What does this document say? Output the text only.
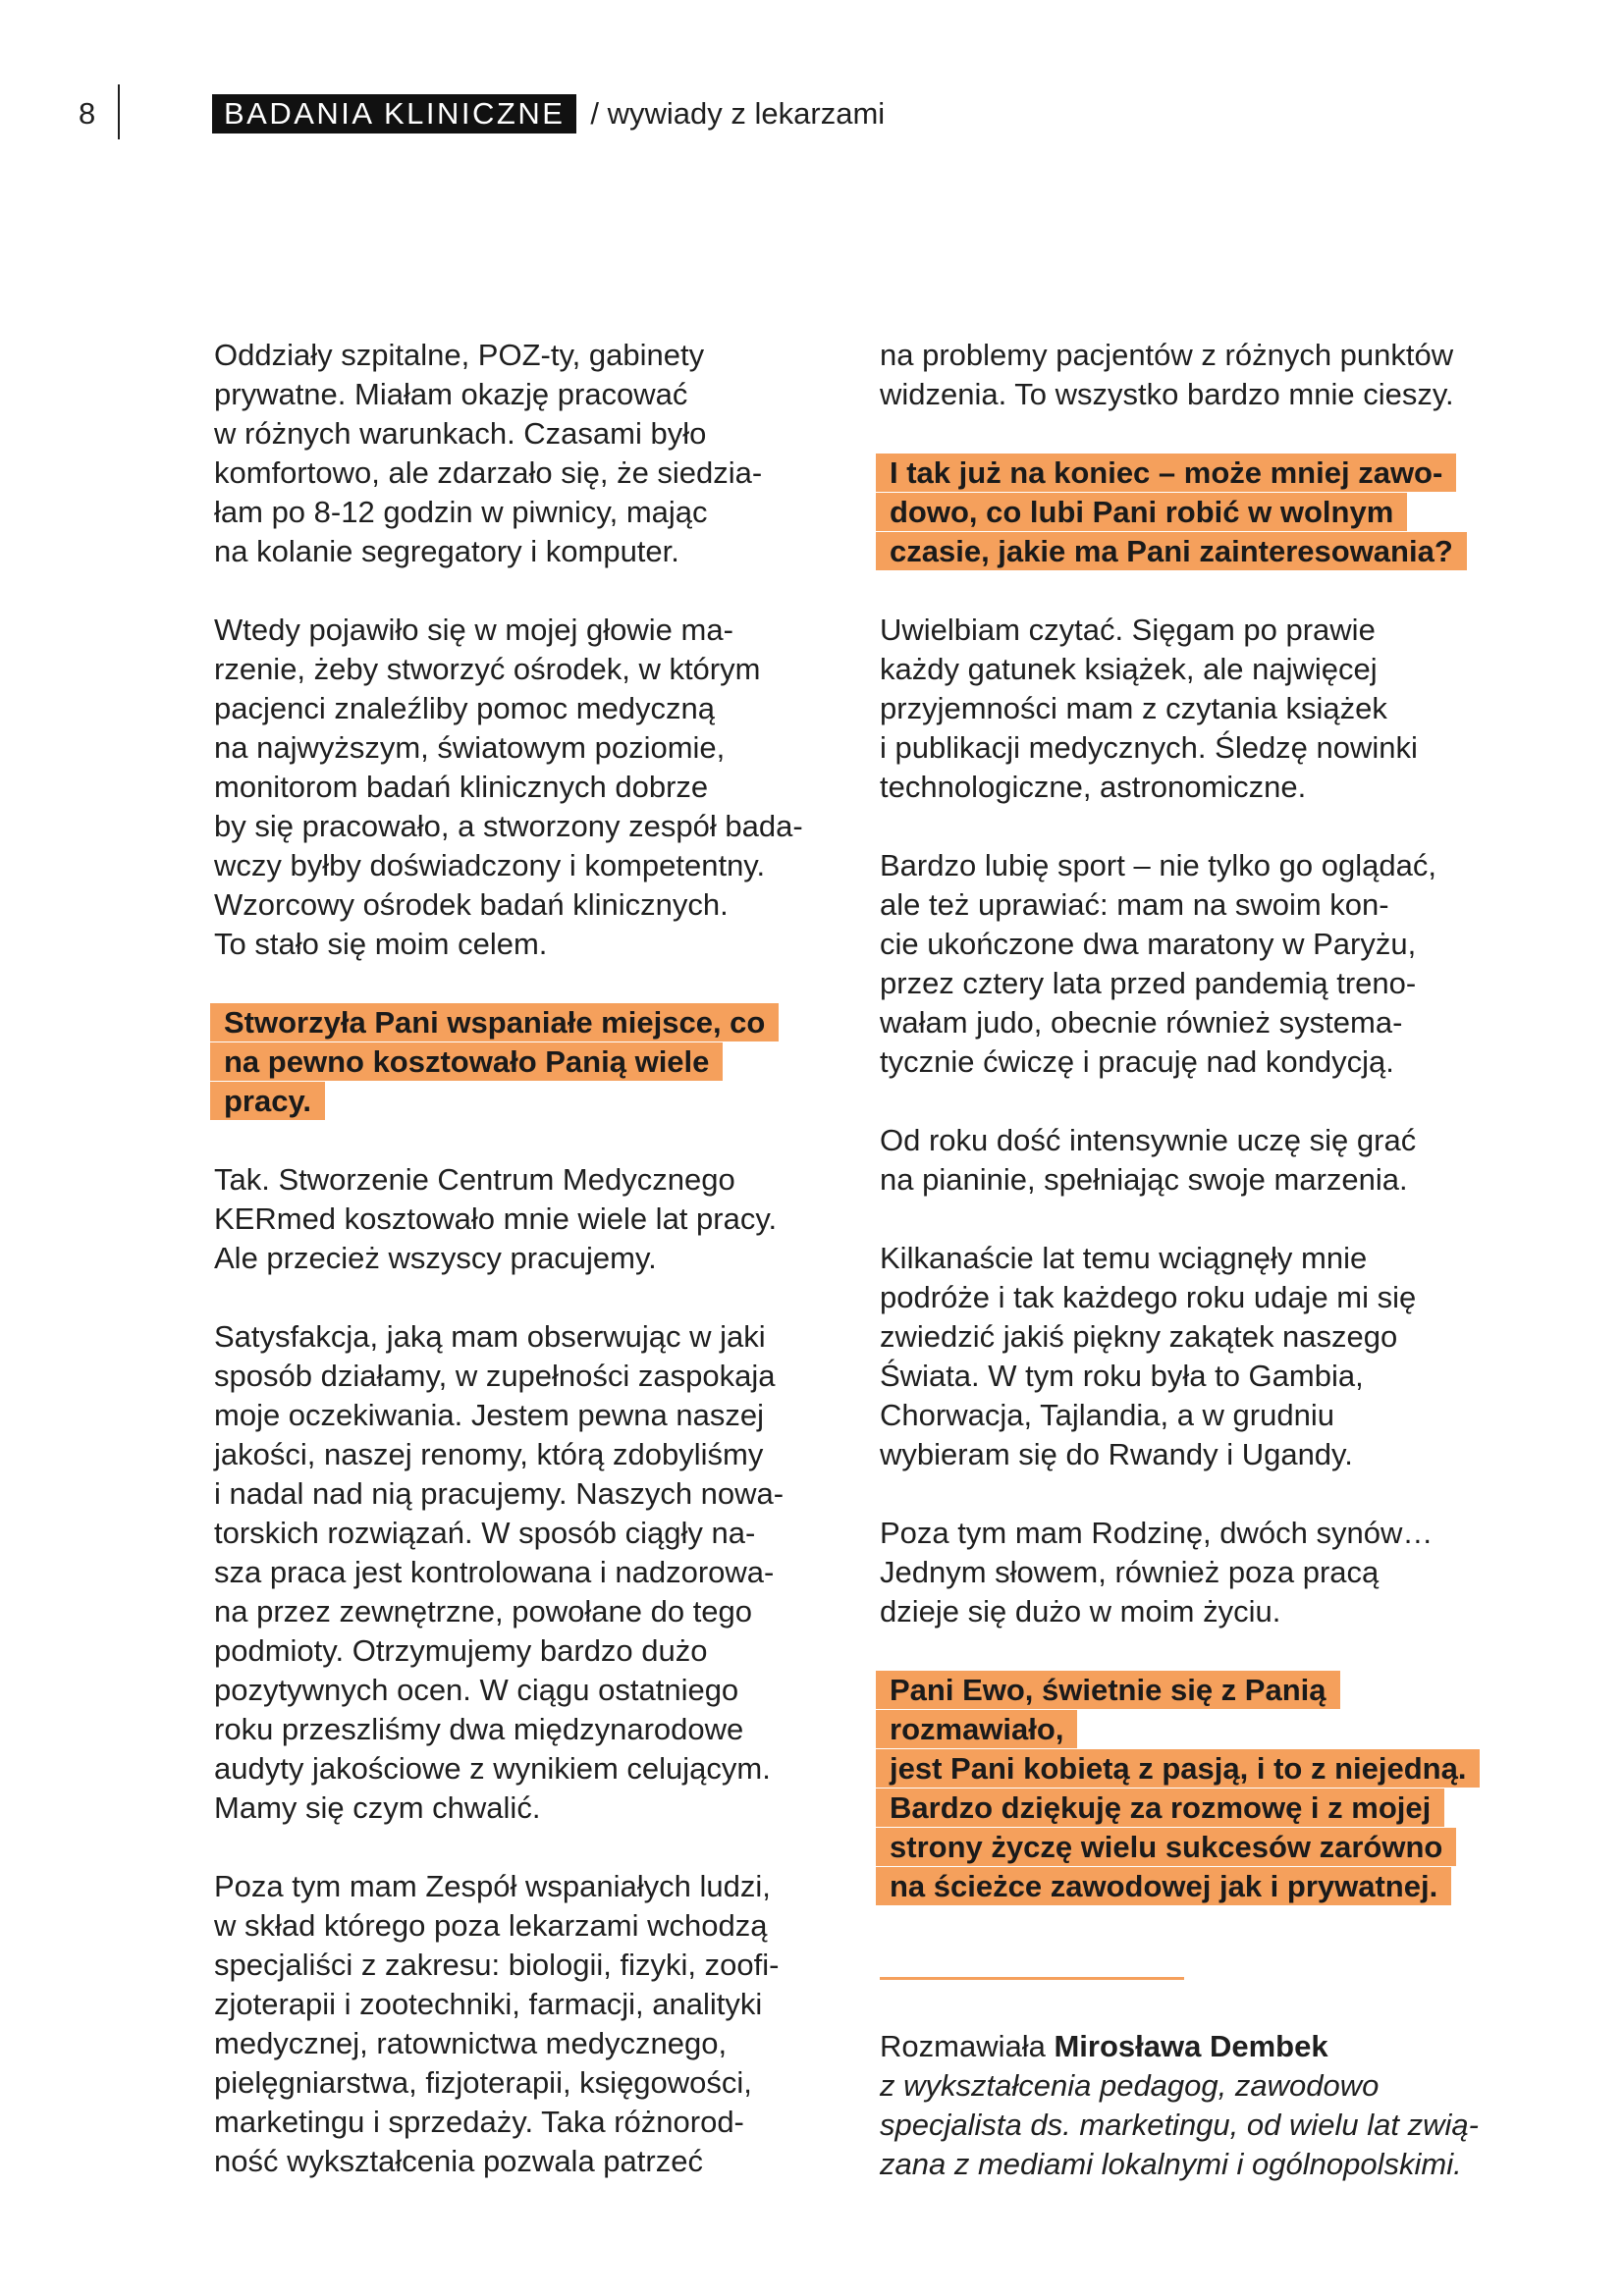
8	BADANIA KLINICZNE / wywiady z lekarzami

Oddziały szpitalne, POZ-ty, gabinety
prywatne. Miałam okazję pracować
w różnych warunkach. Czasami było
komfortowo, ale zdarzało się, że siedzia-
łam po 8-12 godzin w piwnicy, mając
na kolanie segregatory i komputer.

Wtedy pojawiło się w mojej głowie ma-
rzenie, żeby stworzyć ośrodek, w którym
pacjenci znaleźliby pomoc medyczną
na najwyższym, światowym poziomie,
monitorom badań klinicznych dobrze
by się pracowało, a stworzony zespół bada-
wczy byłby doświadczony i kompetentny.
Wzorcowy ośrodek badań klinicznych.
To stało się moim celem.

Stworzyła Pani wspaniałe miejsce, co
na pewno kosztowało Panią wiele pracy.

Tak. Stworzenie Centrum Medycznego
KERmed kosztowało mnie wiele lat pracy.
Ale przecież wszyscy pracujemy.

Satysfakcja, jaką mam obserwując w jaki
sposób działamy, w zupełności zaspokaja
moje oczekiwania. Jestem pewna naszej
jakości, naszej renomy, którą zdobyliśmy
i nadal nad nią pracujemy. Naszych nowa-
torskich rozwiązań. W sposób ciągły na-
sza praca jest kontrolowana i nadzorowa-
na przez zewnętrzne, powołane do tego
podmioty. Otrzymujemy bardzo dużo
pozytywnych ocen. W ciągu ostatniego
roku przeszliśmy dwa międzynarodowe
audyty jakościowe z wynikiem celującym.
Mamy się czym chwalić.

Poza tym mam Zespół wspaniałych ludzi,
w skład którego poza lekarzami wchodzą
specjaliści z zakresu: biologii, fizyki, zoofi-
zjoterapii i zootechniki, farmacji, analityki
medycznej, ratownictwa medycznego,
pielęgniarstwa, fizjoterapii, księgowości,
marketingu i sprzedaży. Taka różnorod-
ność wykształcenia pozwala patrzeć

na problemy pacjentów z różnych punktów
widzenia. To wszystko bardzo mnie cieszy.

I tak już na koniec – może mniej zawo-
dowo, co lubi Pani robić w wolnym
czasie, jakie ma Pani zainteresowania?

Uwielbiam czytać. Sięgam po prawie
każdy gatunek książek, ale najwięcej
przyjemności mam z czytania książek
i publikacji medycznych. Śledzę nowinki
technologiczne, astronomiczne.

Bardzo lubię sport – nie tylko go oglądać,
ale też uprawiać: mam na swoim kon-
cie ukończone dwa maratony w Paryżu,
przez cztery lata przed pandemią treno-
wałam judo, obecnie również systema-
tycznie ćwiczę i pracuję nad kondycją.

Od roku dość intensywnie uczę się grać
na pianinie, spełniając swoje marzenia.

Kilkanaście lat temu wciągnęły mnie
podróże i tak każdego roku udaje mi się
zwiedzić jakiś piękny zakątek naszego
Świata. W tym roku była to Gambia,
Chorwacja, Tajlandia, a w grudniu
wybieram się do Rwandy i Ugandy.

Poza tym mam Rodzinę, dwóch synów…
Jednym słowem, również poza pracą
dzieje się dużo w moim życiu.

Pani Ewo, świetnie się z Panią rozmawiało,
jest Pani kobietą z pasją, i to z niejedną.
Bardzo dziękuję za rozmowę i z mojej
strony życzę wielu sukcesów zarówno
na ścieżce zawodowej jak i prywatnej.
Rozmawiała Mirosława Dembek
z wykształcenia pedagog, zawodowo
specjalista ds. marketingu, od wielu lat zwią-
zana z mediami lokalnymi i ogólnopolskimi.
